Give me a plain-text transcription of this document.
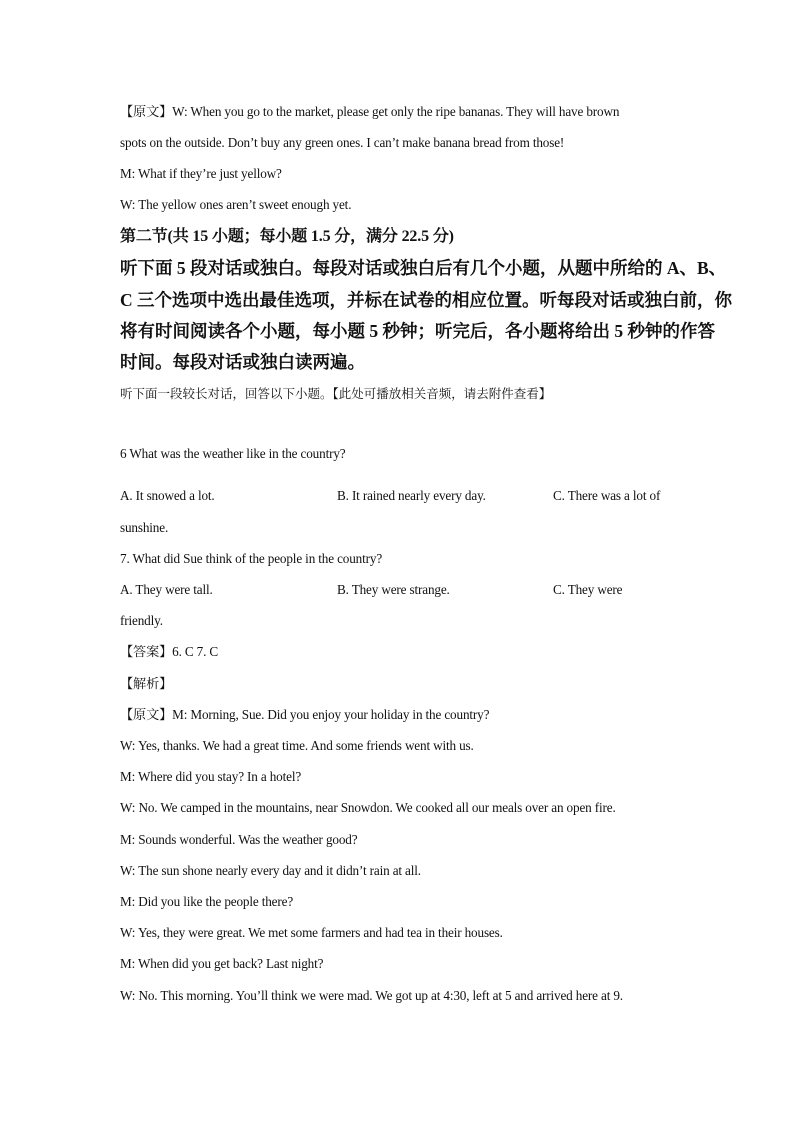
【原文】W: When you go to the market, please get only the ripe bananas. They will have brown
spots on the outside. Don’t buy any green ones. I can’t make banana bread from those!
M: What if they’re just yellow?
W: The yellow ones aren’t sweet enough yet.
第二节(共 15 小题；每小题 1.5 分，满分 22.5 分)
听下面 5 段对话或独白。每段对话或独白后有几个小题，从题中所给的 A、B、
C 三个选项中选出最佳选项，并标在试卷的相应位置。听每段对话或独白前，你
将有时间阅读各个小题，每小题 5 秒钟；听完后，各小题将给出 5 秒钟的作答
时间。每段对话或独白读两遍。
听下面一段较长对话，回答以下小题。【此处可播放相关音频，请去附件查看】
6 What was the weather like in the country?
A. It snowed a lot.	B. It rained nearly every day.	C. There was a lot of
sunshine.
7. What did Sue think of the people in the country?
A. They were tall.	B. They were strange.	C. They were
friendly.
【答案】6. C 7. C
【解析】
【原文】M: Morning, Sue. Did you enjoy your holiday in the country?
W: Yes, thanks. We had a great time. And some friends went with us.
M: Where did you stay? In a hotel?
W: No. We camped in the mountains, near Snowdon. We cooked all our meals over an open fire.
M: Sounds wonderful. Was the weather good?
W: The sun shone nearly every day and it didn’t rain at all.
M: Did you like the people there?
W: Yes, they were great. We met some farmers and had tea in their houses.
M: When did you get back? Last night?
W: No. This morning. You’ll think we were mad. We got up at 4:30, left at 5 and arrived here at 9.
